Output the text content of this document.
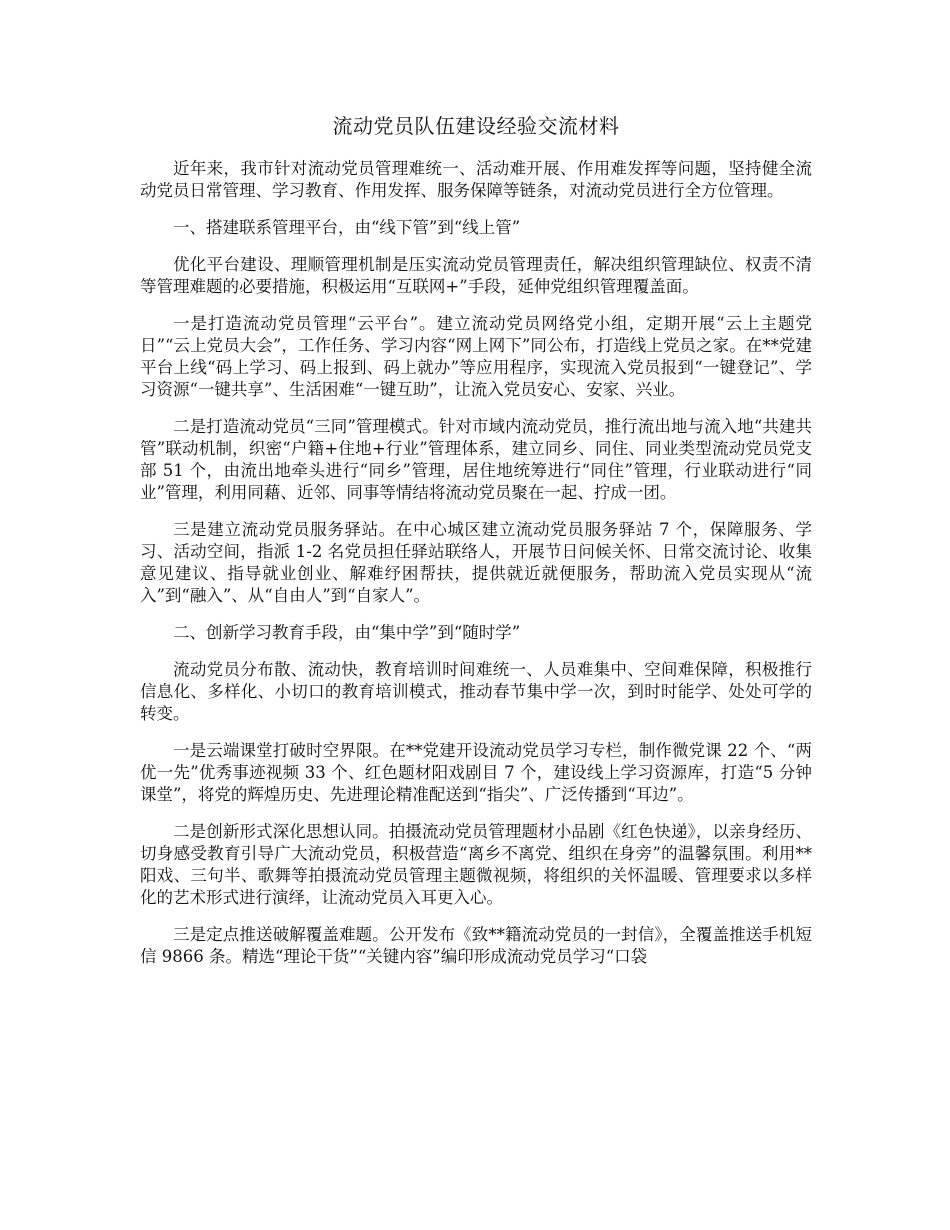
流动党员队伍建设经验交流材料

近年来，我市针对流动党员管理难统一、活动难开展、作用难发挥等问题，坚持健全流动党员日常管理、学习教育、作用发挥、服务保障等链条，对流动党员进行全方位管理。

一、搭建联系管理平台，由“线下管”到“线上管”

优化平台建设、理顺管理机制是压实流动党员管理责任，解决组织管理缺位、权责不清等管理难题的必要措施，积极运用“互联网+”手段，延伸党组织管理覆盖面。

一是打造流动党员管理“云平台”。建立流动党员网络党小组，定期开展“云上主题党日”“云上党员大会”，工作任务、学习内容“网上网下”同公布，打造线上党员之家。在**党建平台上线“码上学习、码上报到、码上就办”等应用程序，实现流入党员报到“一键登记”、学习资源“一键共享”、生活困难“一键互助”，让流入党员安心、安家、兴业。

二是打造流动党员“三同”管理模式。针对市域内流动党员，推行流出地与流入地“共建共管”联动机制，织密“户籍+住地+行业”管理体系，建立同乡、同住、同业类型流动党员党支部 51 个，由流出地牵头进行“同乡”管理，居住地统筹进行“同住”管理，行业联动进行“同业”管理，利用同藉、近邻、同事等情结将流动党员聚在一起、拧成一团。

三是建立流动党员服务驿站。在中心城区建立流动党员服务驿站 7 个，保障服务、学习、活动空间，指派 1-2 名党员担任驿站联络人，开展节日问候关怀、日常交流讨论、收集意见建议、指导就业创业、解难纾困帮扶，提供就近就便服务，帮助流入党员实现从“流入”到“融入”、从“自由人”到“自家人”。

二、创新学习教育手段，由“集中学”到“随时学”

流动党员分布散、流动快，教育培训时间难统一、人员难集中、空间难保障，积极推行信息化、多样化、小切口的教育培训模式，推动春节集中学一次，到时时能学、处处可学的转变。

一是云端课堂打破时空界限。在**党建开设流动党员学习专栏，制作微党课 22 个、“两优一先”优秀事迹视频 33 个、红色题材阳戏剧目 7 个，建设线上学习资源库，打造“5 分钟课堂”，将党的辉煌历史、先进理论精准配送到“指尖”、广泛传播到“耳边”。

二是创新形式深化思想认同。拍摄流动党员管理题材小品剧《红色快递》，以亲身经历、切身感受教育引导广大流动党员，积极营造“离乡不离党、组织在身旁”的温馨氛围。利用**阳戏、三句半、歌舞等拍摄流动党员管理主题微视频，将组织的关怀温暖、管理要求以多样化的艺术形式进行演绎，让流动党员入耳更入心。

三是定点推送破解覆盖难题。公开发布《致**籍流动党员的一封信》，全覆盖推送手机短信 9866 条。精选“理论干货”“关键内容”编印形成流动党员学习“口袋
